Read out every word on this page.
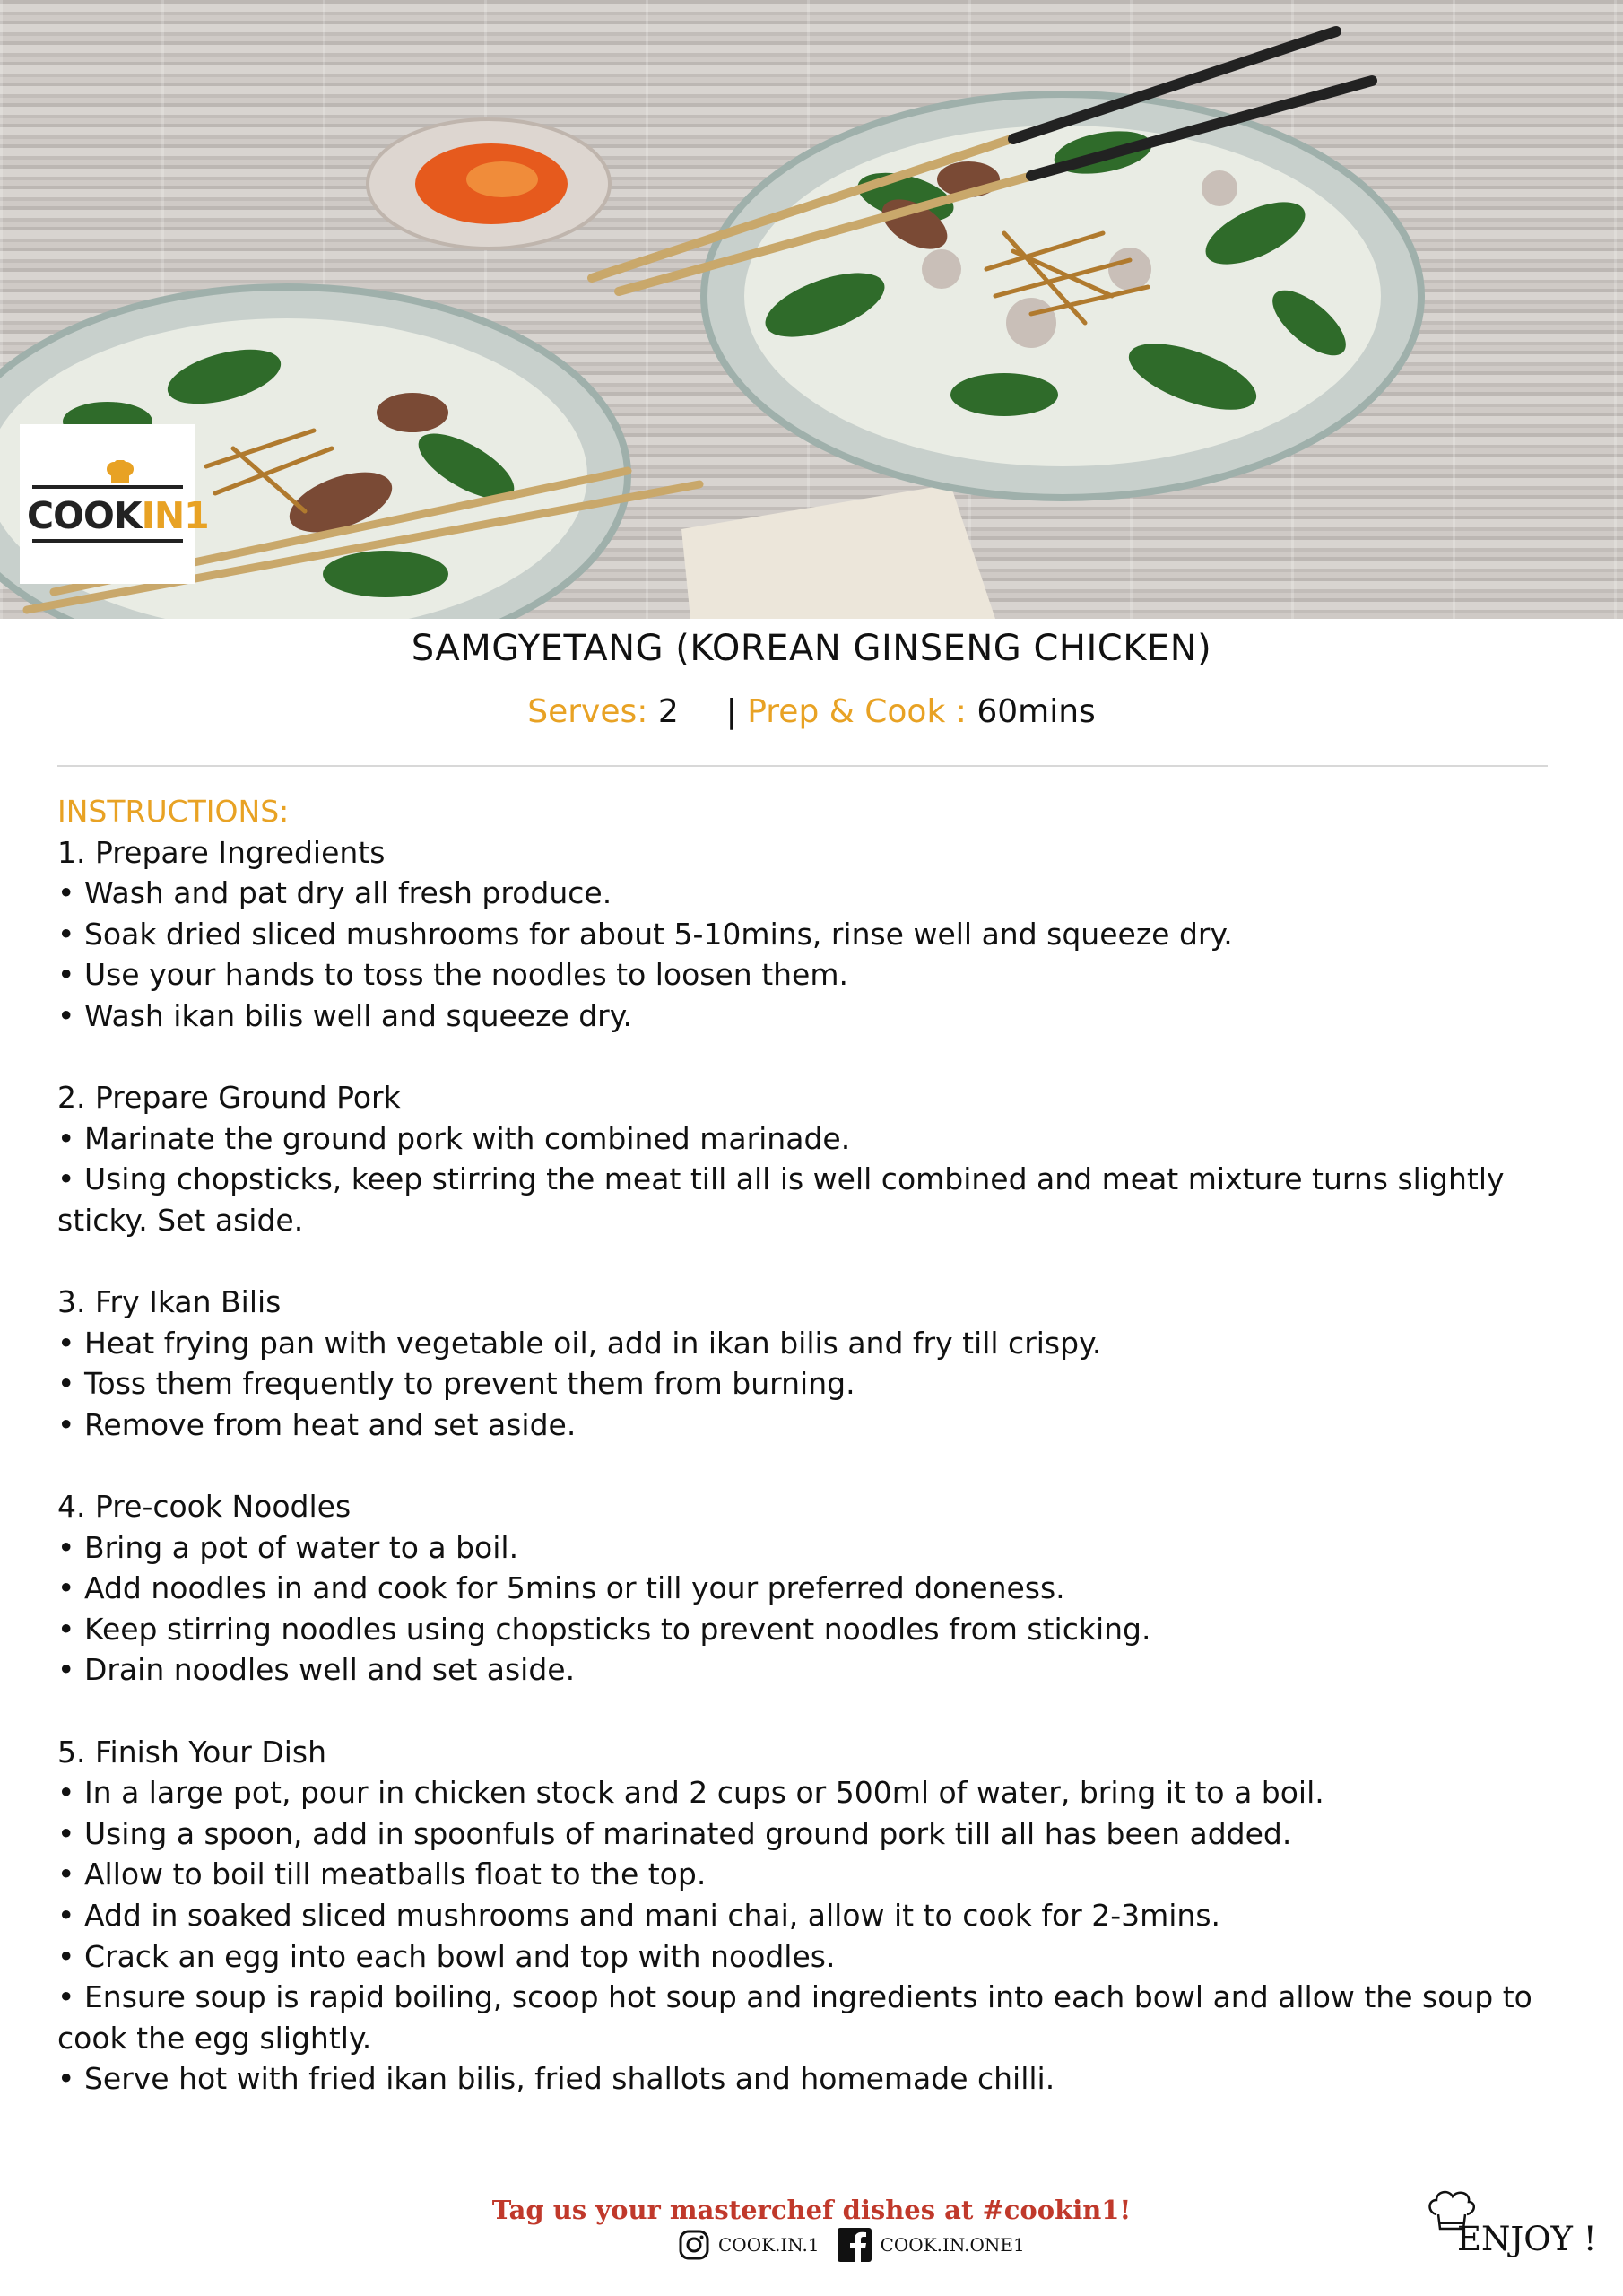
COOKIN1
SAMGYETANG (KOREAN GINSENG CHICKEN)
Serves: 2 | Prep & Cook : 60mins

INSTRUCTIONS:

1. Prepare Ingredients

• Wash and pat dry all fresh produce.

• Soak dried sliced mushrooms for about 5-10mins, rinse well and squeeze dry.

• Use your hands to toss the noodles to loosen them.

• Wash ikan bilis well and squeeze dry.

2. Prepare Ground Pork

• Marinate the ground pork with combined marinade.

• Using chopsticks, keep stirring the meat till all is well combined and meat mixture turns slightly sticky. Set aside.

3. Fry Ikan Bilis

• Heat frying pan with vegetable oil, add in ikan bilis and fry till crispy.

• Toss them frequently to prevent them from burning.

• Remove from heat and set aside.

4. Pre-cook Noodles

• Bring a pot of water to a boil.

• Add noodles in and cook for 5mins or till your preferred doneness.

• Keep stirring noodles using chopsticks to prevent noodles from sticking.

• Drain noodles well and set aside.

5. Finish Your Dish

• In a large pot, pour in chicken stock and 2 cups or 500ml of water, bring it to a boil.

• Using a spoon, add in spoonfuls of marinated ground pork till all has been added.

• Allow to boil till meatballs float to the top.

• Add in soaked sliced mushrooms and mani chai, allow it to cook for 2-3mins.

• Crack an egg into each bowl and top with noodles.

• Ensure soup is rapid boiling, scoop hot soup and ingredients into each bowl and allow the soup to cook the egg slightly.

• Serve hot with fried ikan bilis, fried shallots and homemade chilli.

Tag us your masterchef dishes at #cookin1!
COOK.IN.1	COOK.IN.ONE1	ENJOY !
